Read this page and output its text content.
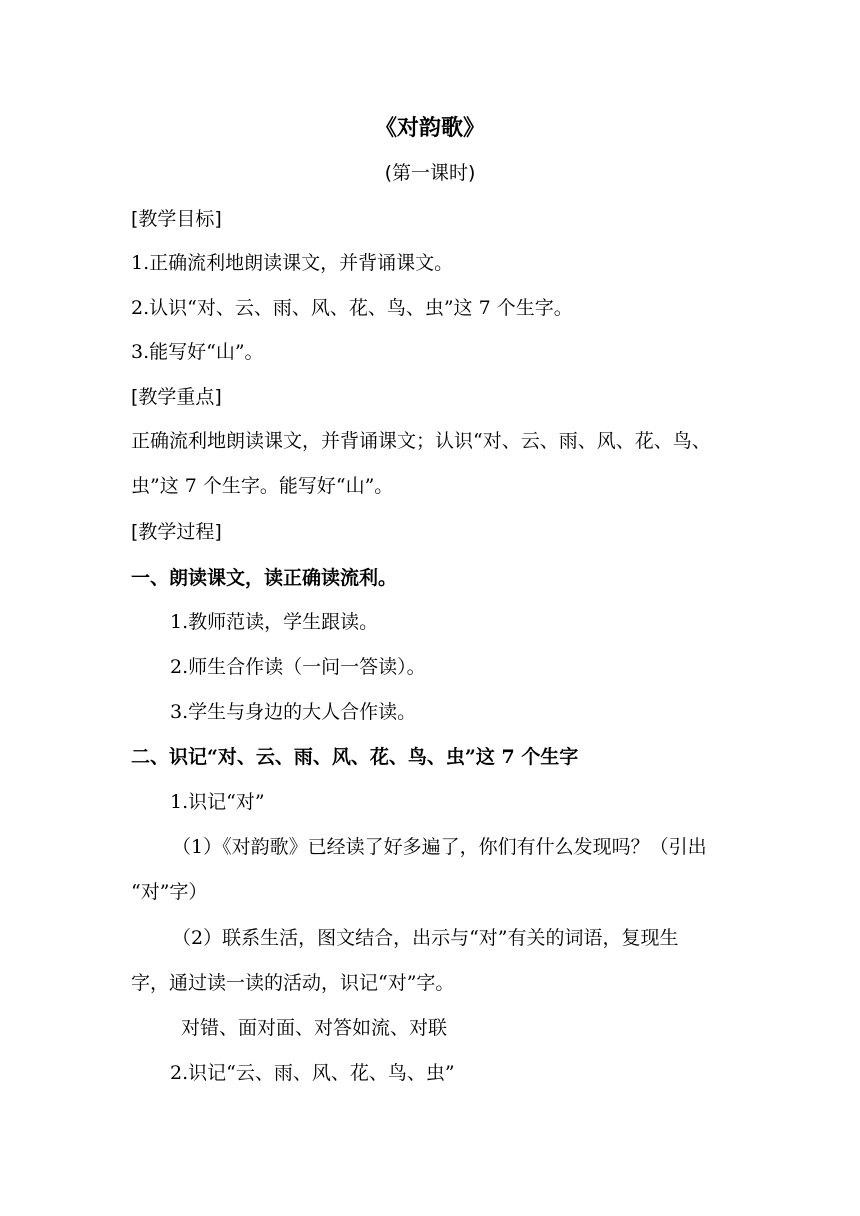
《对韵歌》
(第一课时)
[教学目标]
1.正确流利地朗读课文，并背诵课文。
2.认识“对、云、雨、风、花、鸟、虫”这 7 个生字。
3.能写好“山”。
[教学重点]
正确流利地朗读课文，并背诵课文；认识“对、云、雨、风、花、鸟、
虫”这 7 个生字。能写好“山”。
[教学过程]
一、朗读课文，读正确读流利。
1.教师范读，学生跟读。
2.师生合作读（一问一答读）。
3.学生与身边的大人合作读。
二、识记“对、云、雨、风、花、鸟、虫”这 7 个生字
1.识记“对”
（1）《对韵歌》已经读了好多遍了，你们有什么发现吗？（引出
“对”字）
（2）联系生活，图文结合，出示与“对”有关的词语，复现生
字，通过读一读的活动，识记“对”字。
对错、面对面、对答如流、对联
2.识记“云、雨、风、花、鸟、虫”
